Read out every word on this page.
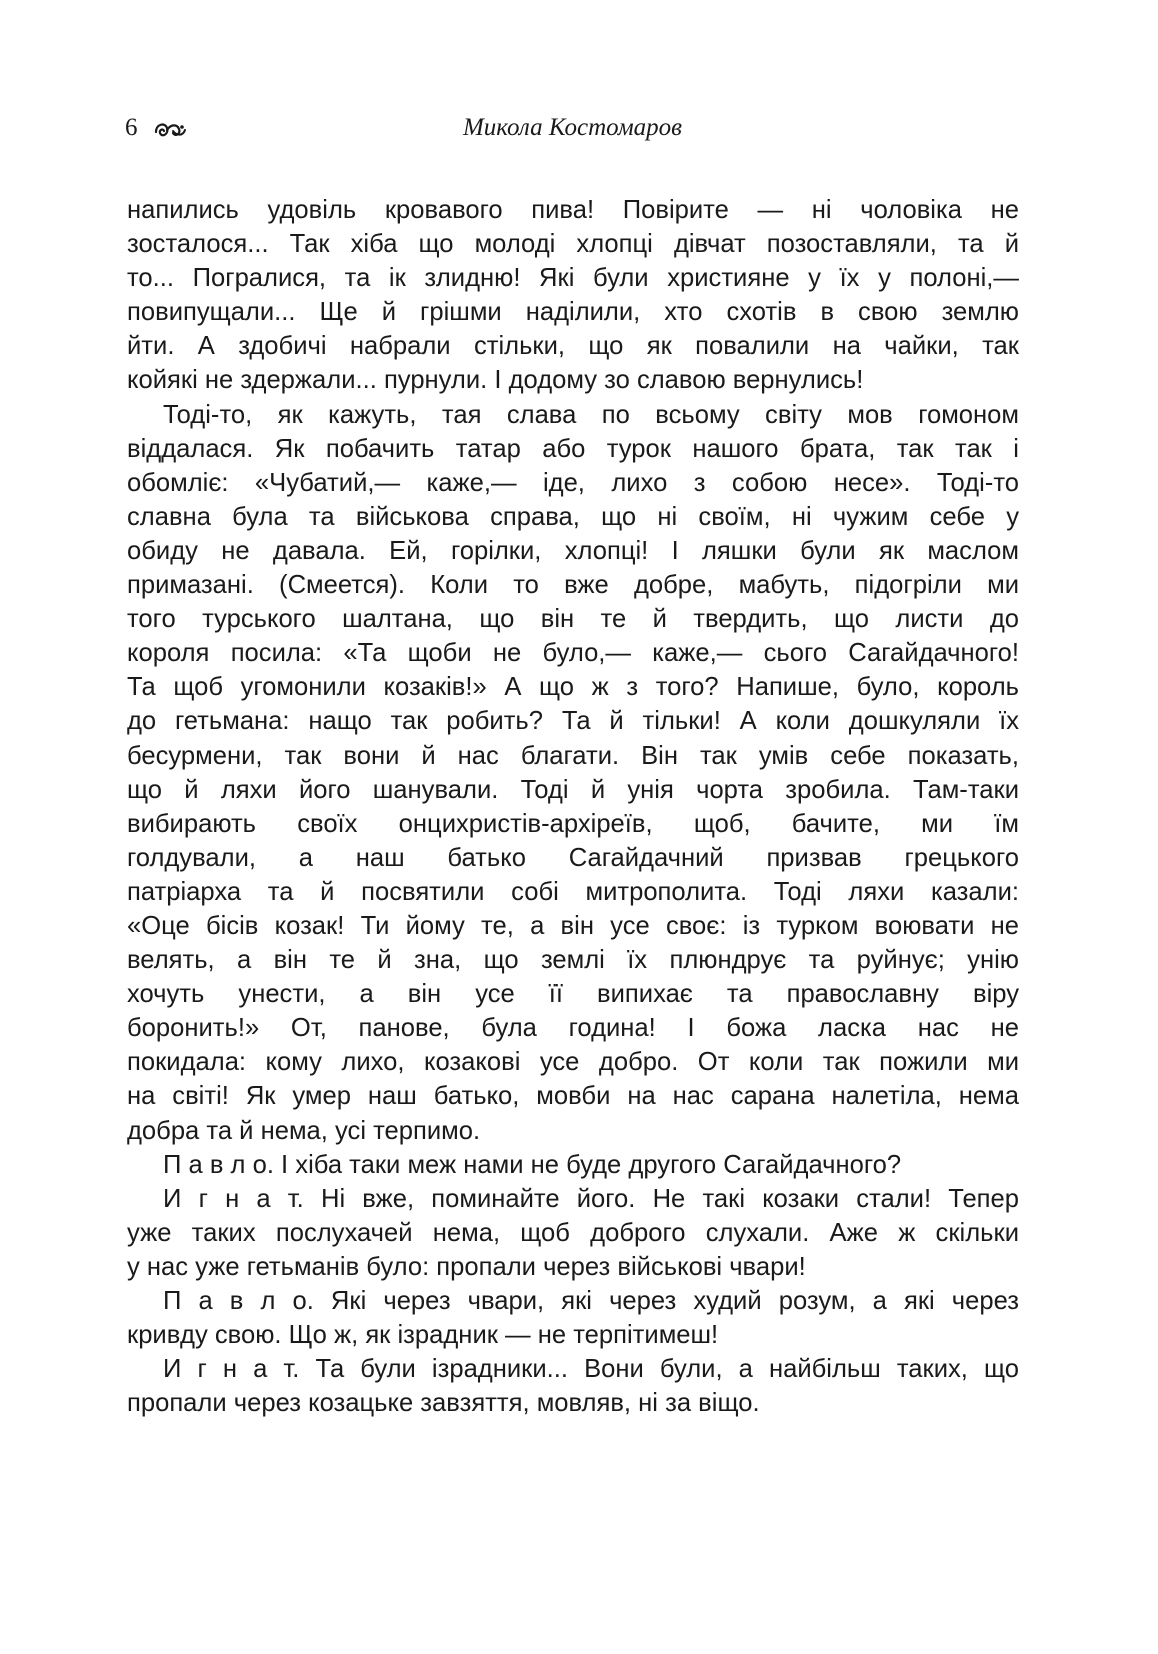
6	Микола Костомаров
напились удовіль кровавого пива! Повірите — ні чоловіка не
зосталося... Так хіба що молоді хлопці дівчат позоставляли, та й
то... Погралися, та ік злидню! Які були християне у їх у полоні,—
повипущали... Ще й грішми наділили, хто схотів в свою землю
йти. А здобичі набрали стільки, що як повалили на чайки, так
койякі не здержали... пурнули. І додому зо славою вернулись!
Тоді-то, як кажуть, тая слава по всьому світу мов гомоном
віддалася. Як побачить татар або турок нашого брата, так так і
обомліє: «Чубатий,— каже,— іде, лихо з собою несе». Тоді-то
славна була та військова справа, що ні своїм, ні чужим себе у
обиду не давала. Ей, горілки, хлопці! І ляшки були як маслом
примазані. (Смеется). Коли то вже добре, мабуть, підогріли ми
того турського шалтана, що він те й твердить, що листи до
короля посила: «Та щоби не було,— каже,— сього Сагайдачного!
Та щоб угомонили козаків!» А що ж з того? Напише, було, король
до гетьмана: нащо так робить? Та й тільки! А коли дошкуляли їх
бесурмени, так вони й нас благати. Він так умів себе показать,
що й ляхи його шанували. Тоді й унія чорта зробила. Там-таки
вибирають своїх онцихристів-архіреїв, щоб, бачите, ми їм
голдували, а наш батько Сагайдачний призвав грецького
патріарха та й посвятили собі митрополита. Тоді ляхи казали:
«Оце бісів козак! Ти йому те, а він усе своє: із турком воювати не
велять, а він те й зна, що землі їх плюндрує та руйнує; унію
хочуть унести, а він усе її випихає та православну віру
боронить!» От, панове, була година! І божа ласка нас не
покидала: кому лихо, козакові усе добро. От коли так пожили ми
на світі! Як умер наш батько, мовби на нас сарана налетіла, нема
добра та й нема, усі терпимо.
П а в л о. І хіба таки меж нами не буде другого Сагайдачного?
И г н а т. Ні вже, поминайте його. Не такі козаки стали! Тепер
уже таких послухачей нема, щоб доброго слухали. Аже ж скільки
у нас уже гетьманів було: пропали через військові чвари!
П а в л о. Які через чвари, які через худий розум, а які через
кривду свою. Що ж, як ізрадник — не терпітимеш!
И г н а т. Та були ізрадники... Вони були, а найбільш таких, що
пропали через козацьке завзяття, мовляв, ні за віщо.
